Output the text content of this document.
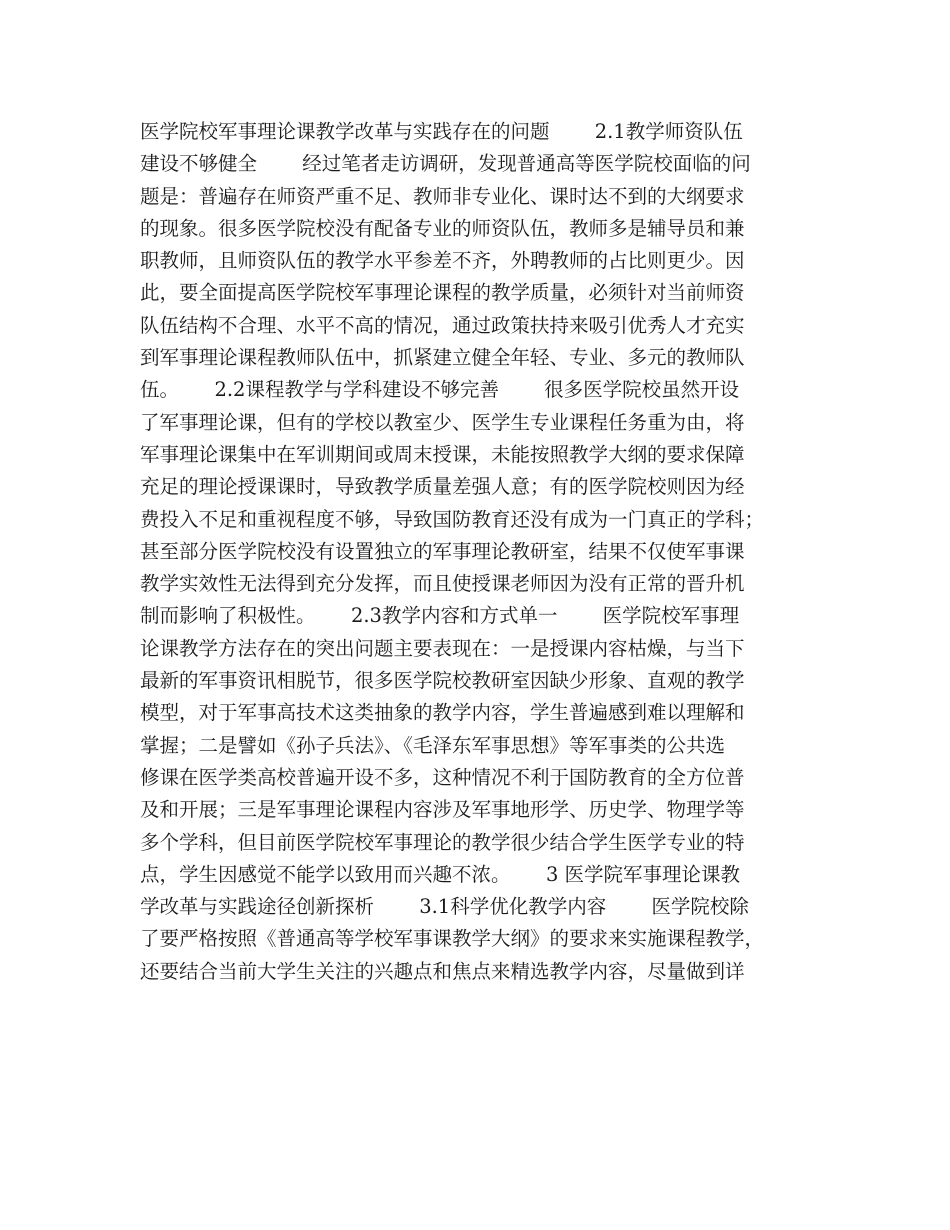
医学院校军事理论课教学改革与实践存在的问题　　 2.1教学师资队伍
建设不够健全　　 经过笔者走访调研，发现普通高等医学院校面临的问
题是：普遍存在师资严重不足、教师非专业化、课时达不到的大纲要求
的现象。很多医学院校没有配备专业的师资队伍，教师多是辅导员和兼
职教师，且师资队伍的教学水平参差不齐，外聘教师的占比则更少。因
此，要全面提高医学院校军事理论课程的教学质量，必须针对当前师资
队伍结构不合理、水平不高的情况，通过政策扶持来吸引优秀人才充实
到军事理论课程教师队伍中，抓紧建立健全年轻、专业、多元的教师队
伍。　　 2.2课程教学与学科建设不够完善　　 很多医学院校虽然开设
了军事理论课，但有的学校以教室少、医学生专业课程任务重为由，将
军事理论课集中在军训期间或周末授课，未能按照教学大纲的要求保障
充足的理论授课课时，导致教学质量差强人意；有的医学院校则因为经
费投入不足和重视程度不够，导致国防教育还没有成为一门真正的学科；
甚至部分医学院校没有设置独立的军事理论教研室，结果不仅使军事课
教学实效性无法得到充分发挥，而且使授课老师因为没有正常的晋升机
制而影响了积极性。　　 2.3教学内容和方式单一　　 医学院校军事理
论课教学方法存在的突出问题主要表现在：一是授课内容枯燥，与当下
最新的军事资讯相脱节，很多医学院校教研室因缺少形象、直观的教学
模型，对于军事高技术这类抽象的教学内容，学生普遍感到难以理解和
掌握；二是譬如《孙子兵法》、《毛泽东军事思想》等军事类的公共选
修课在医学类高校普遍开设不多，这种情况不利于国防教育的全方位普
及和开展；三是军事理论课程内容涉及军事地形学、历史学、物理学等
多个学科，但目前医学院校军事理论的教学很少结合学生医学专业的特
点，学生因感觉不能学以致用而兴趣不浓。　　 3 医学院军事理论课教
学改革与实践途径创新探析　　 3.1科学优化教学内容　　 医学院校除
了要严格按照《普通高等学校军事课教学大纲》的要求来实施课程教学，
还要结合当前大学生关注的兴趣点和焦点来精选教学内容，尽量做到详
